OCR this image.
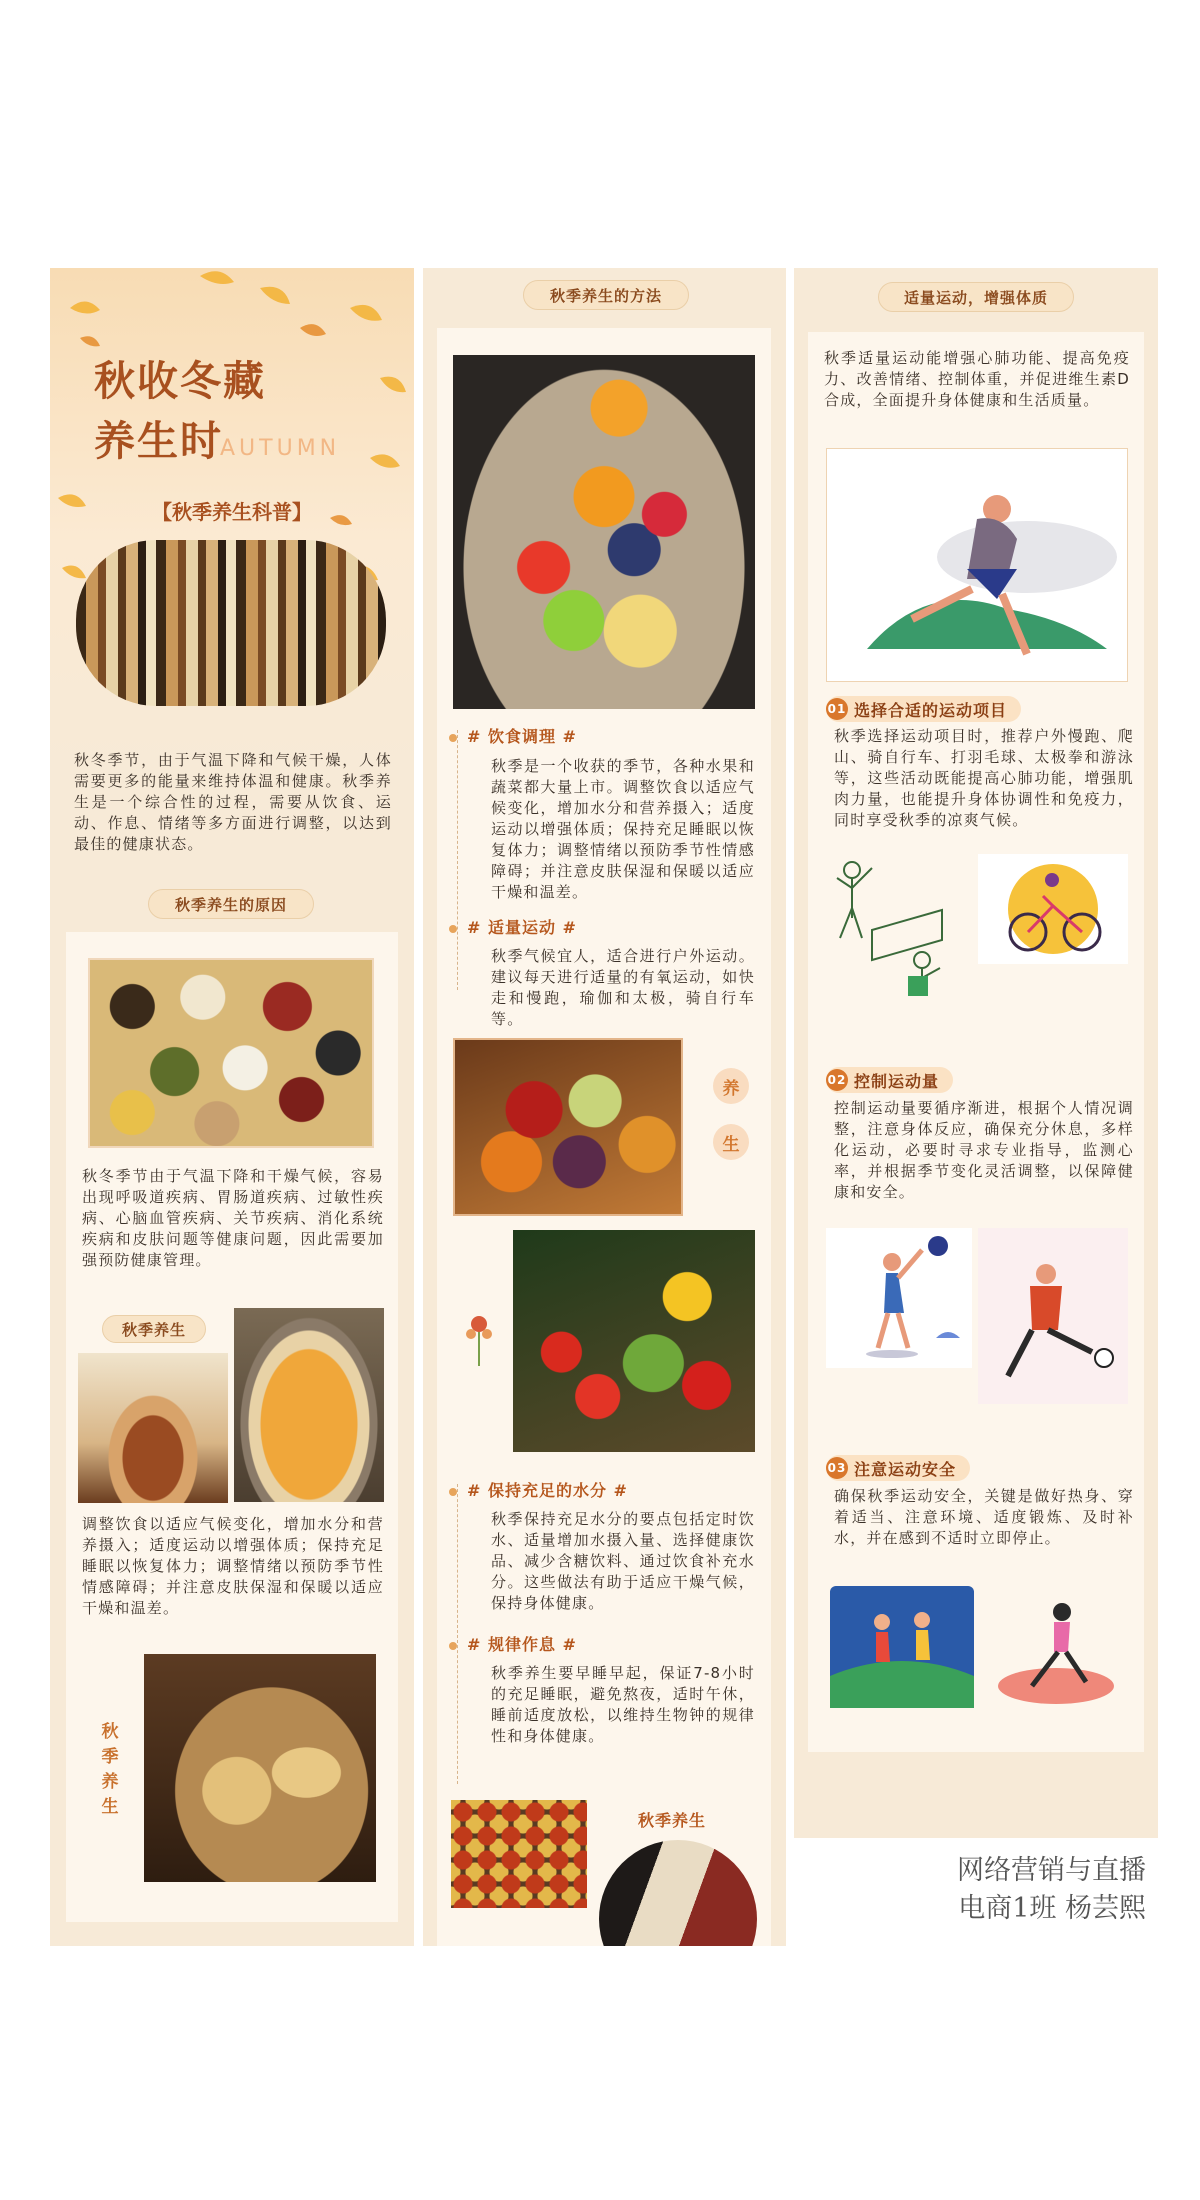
秋收冬藏
养生时
AUTUMN
【秋季养生科普】
秋冬季节，由于气温下降和气候干燥，人体需要更多的能量来维持体温和健康。秋季养生是一个综合性的过程，需要从饮食、运动、作息、情绪等多方面进行调整，以达到最佳的健康状态。
秋季养生的原因
秋冬季节由于气温下降和干燥气候，容易出现呼吸道疾病、胃肠道疾病、过敏性疾病、心脑血管疾病、关节疾病、消化系统疾病和皮肤问题等健康问题，因此需要加强预防健康管理。
秋季养生
调整饮食以适应气候变化，增加水分和营养摄入；适度运动以增强体质；保持充足睡眠以恢复体力；调整情绪以预防季节性情感障碍；并注意皮肤保湿和保暖以适应干燥和温差。
秋季养生
秋季养生的方法
# 饮食调理 #
秋季是一个收获的季节，各种水果和蔬菜都大量上市。调整饮食以适应气候变化，增加水分和营养摄入；适度运动以增强体质；保持充足睡眠以恢复体力；调整情绪以预防季节性情感障碍；并注意皮肤保湿和保暖以适应干燥和温差。
# 适量运动 #
秋季气候宜人，适合进行户外运动。建议每天进行适量的有氧运动，如快走和慢跑，瑜伽和太极，骑自行车等。
养
生
# 保持充足的水分 #
秋季保持充足水分的要点包括定时饮水、适量增加水摄入量、选择健康饮品、减少含糖饮料、通过饮食补充水分。这些做法有助于适应干燥气候，保持身体健康。
# 规律作息 #
秋季养生要早睡早起，保证7-8小时的充足睡眠，避免熬夜，适时午休，睡前适度放松，以维持生物钟的规律性和身体健康。
秋季养生
适量运动，增强体质
秋季适量运动能增强心肺功能、提高免疫力、改善情绪、控制体重，并促进维生素D合成，全面提升身体健康和生活质量。
01 选择合适的运动项目
秋季选择运动项目时，推荐户外慢跑、爬山、骑自行车、打羽毛球、太极拳和游泳等，这些活动既能提高心肺功能，增强肌肉力量，也能提升身体协调性和免疫力，同时享受秋季的凉爽气候。
02 控制运动量
控制运动量要循序渐进，根据个人情况调整，注意身体反应，确保充分休息，多样化运动，必要时寻求专业指导，监测心率，并根据季节变化灵活调整，以保障健康和安全。
03 注意运动安全
确保秋季运动安全，关键是做好热身、穿着适当、注意环境、适度锻炼、及时补水，并在感到不适时立即停止。
网络营销与直播
电商1班 杨芸熙
